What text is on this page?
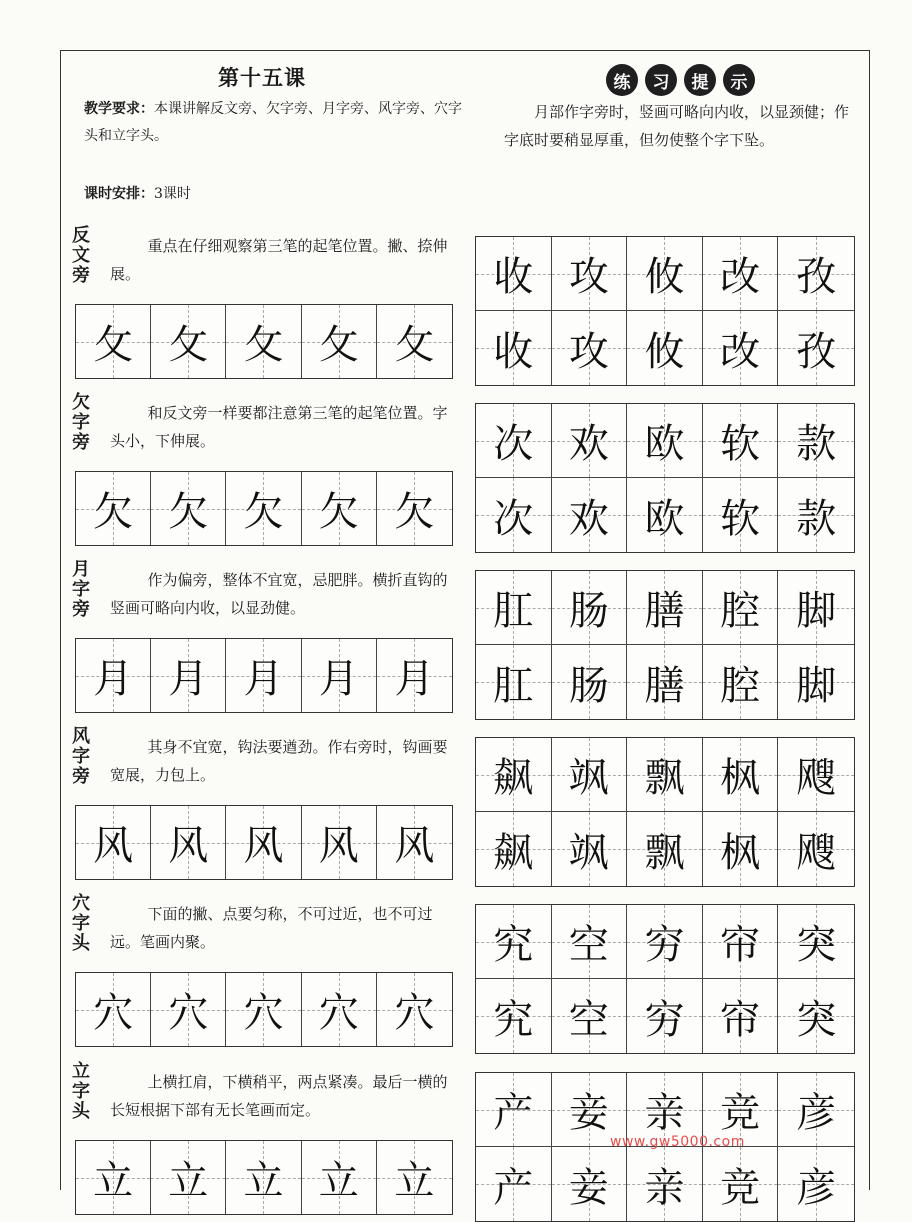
第十五课
教学要求：本课讲解反文旁、欠字旁、月字旁、风字旁、穴字头和立字头。
课时安排：3课时
练	习	提	示
月部作字旁时，竖画可略向内收，以显颈健；作字底时要稍显厚重，但勿使整个字下坠。
反
文
旁
重点在仔细观察第三笔的起笔位置。撇、捺伸展。
攵 攵 攵 攵 攵
收 攻 攸 改 孜
收 攻 攸 改 孜
欠
字
旁
和反文旁一样要都注意第三笔的起笔位置。字头小，下伸展。
欠 欠 欠 欠 欠
次 欢 欧 软 款
次 欢 欧 软 款
月
字
旁
作为偏旁，整体不宜宽，忌肥胖。横折直钩的竖画可略向内收，以显劲健。
月 月 月 月 月
肛 肠 膳 腔 脚
肛 肠 膳 腔 脚
风
字
旁
其身不宜宽，钩法要遒劲。作右旁时，钩画要宽展，力包上。
风 风 风 风 风
飙 飒 飘 枫 飕
飙 飒 飘 枫 飕
穴
字
头
下面的撇、点要匀称，不可过近，也不可过远。笔画内聚。
穴 穴 穴 穴 穴
究 空 穷 帘 突
究 空 穷 帘 突
立
字
头
上横扛肩，下横稍平，两点紧凑。最后一横的长短根据下部有无长笔画而定。
立 立 立 立 立
产 妾 亲 竞 彦
产 妾 亲 竞 彦
www.gw5000.com
